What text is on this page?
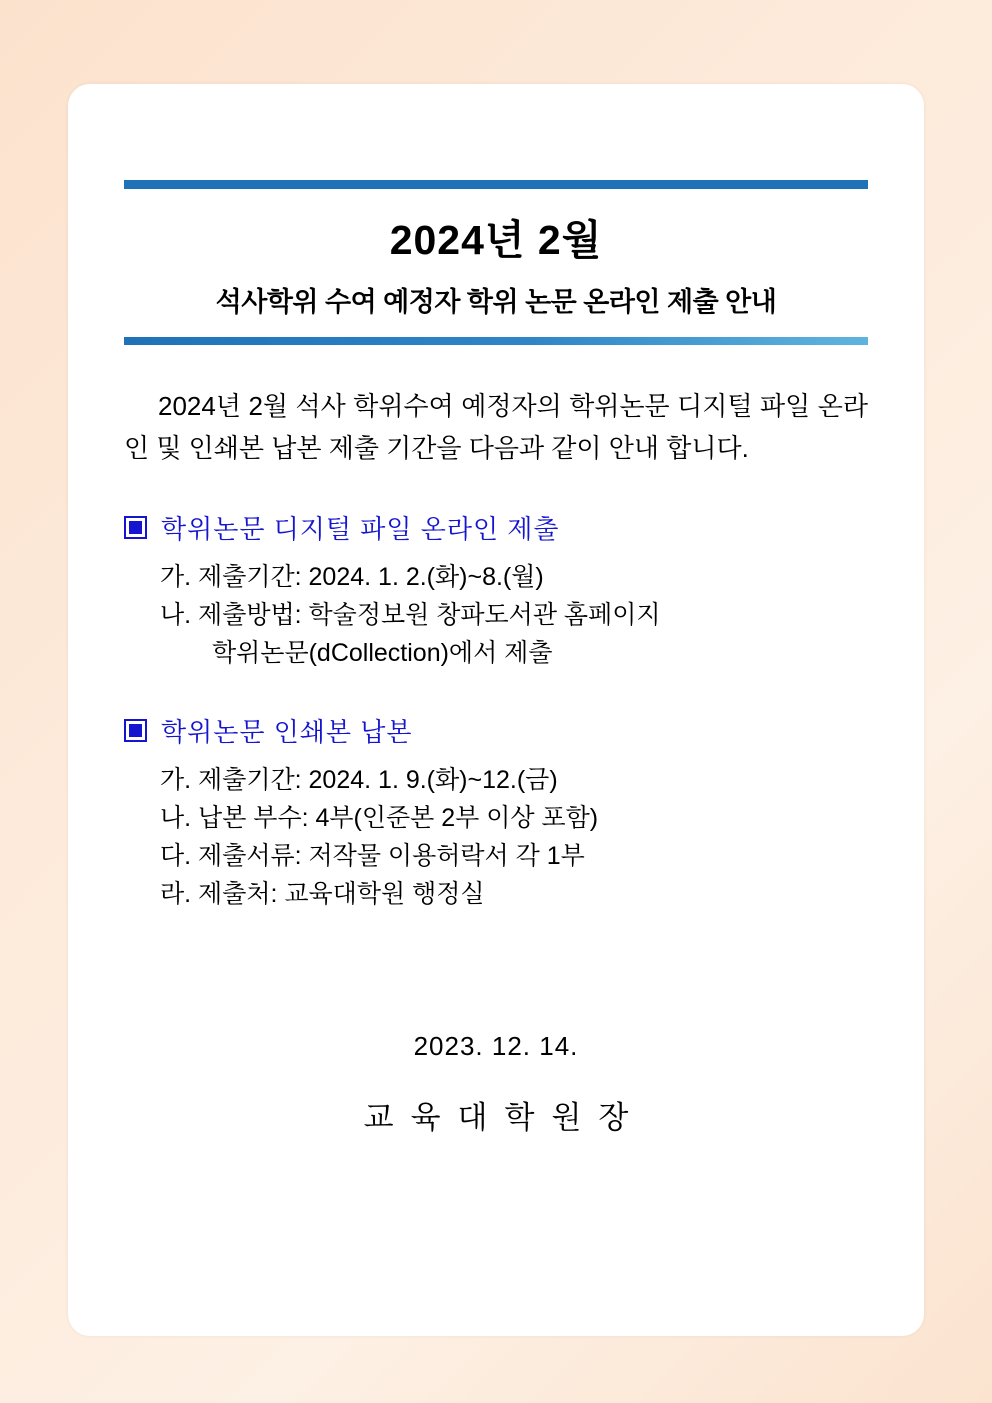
2024년 2월
석사학위 수여 예정자 학위 논문 온라인 제출 안내

2024년 2월 석사 학위수여 예정자의 학위논문 디지털 파일 온라인 및 인쇄본 납본 제출 기간을 다음과 같이 안내 합니다.

학위논문 디지털 파일 온라인 제출
가. 제출기간: 2024. 1. 2.(화)~8.(월)
나. 제출방법: 학술정보원 창파도서관 홈페이지
학위논문(dCollection)에서 제출
학위논문 인쇄본 납본
가. 제출기간: 2024. 1. 9.(화)~12.(금)
나. 납본 부수: 4부(인준본 2부 이상 포함)
다. 제출서류: 저작물 이용허락서 각 1부
라. 제출처: 교육대학원 행정실
2023. 12. 14.
교육대학원장
